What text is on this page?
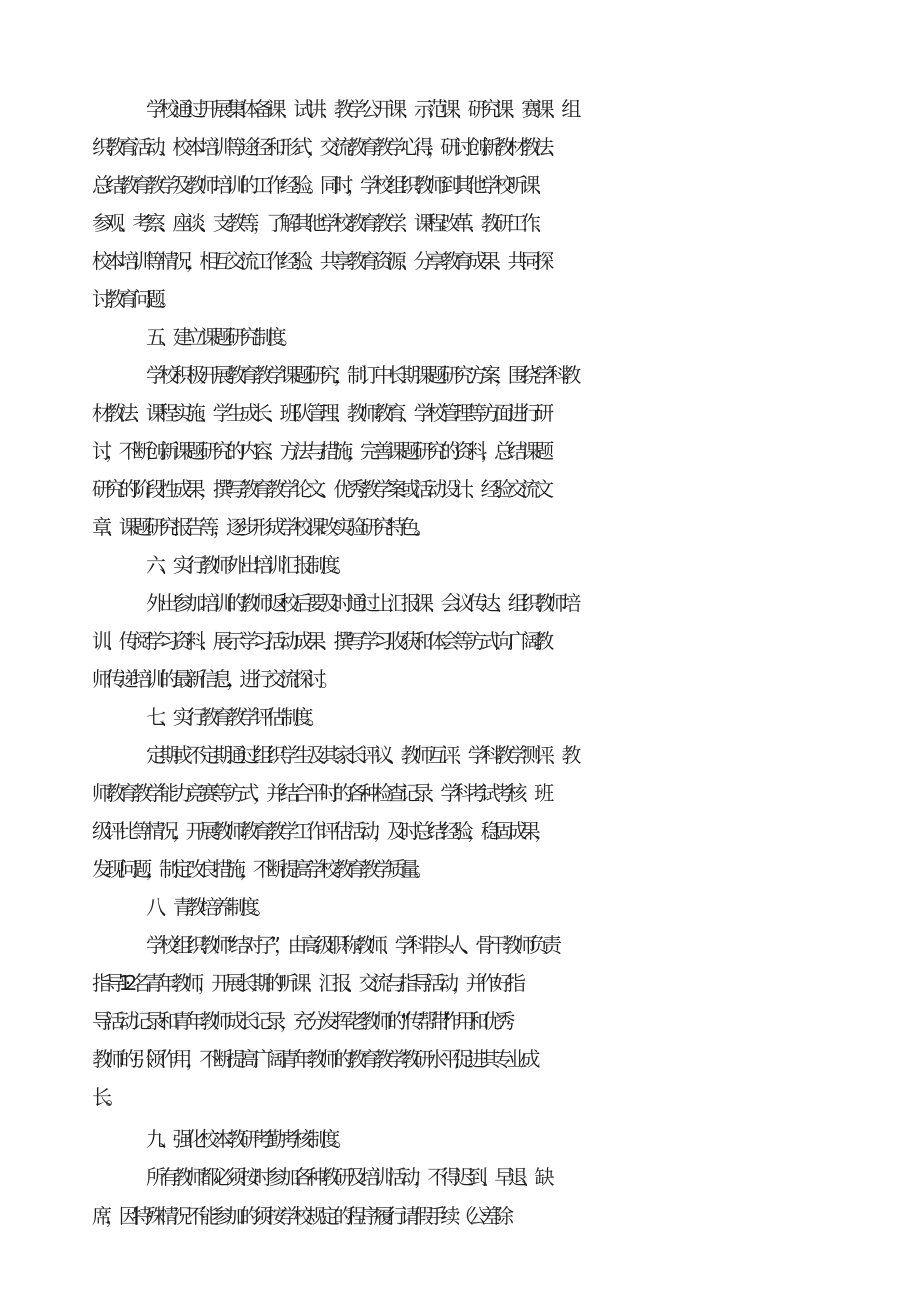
学校通过开展集体备课、试讲、教学公开课、示范课、研究课、赛课、组

织教育活动、校本培训等途径和形式，交流教育教学心得，研讨创新教材教法、

总结教育教学及教师培训的工作经验。同时，学校组织教师到其他学校听课、

参观、考察、座谈、支教等，了解其他学校教育教学、课程改革、教研工作、

校本培训等情况，相互交流工作经验、共享教育资源、分享教育成果、共同探

讨教育问题。

五、建立课题研究制度。

学校积极开展教育教学课题研究，制订中长期课题研究方案，围绕学科教

材教法、课程实施、学生成长、班队管理、教师教育、学校管理等方面进行研

讨，不断创新课题研究的内容、方法与措施，完善课题研究的资料，总结课题

研究的阶段性成果，撰写教育教学论文、优秀教学案或活动设计、经验交流文

章、课题研究报告等，逐步形成学校课改实验研究特色。

六、实行教师外出培训汇报制度。

外出参加培训的教师返校后要及时通过上汇报课、会议传达、组织教师培

训、传阅学习资料、展示学习活动成果、撰写学习收获和体会等方式向广阔教

师传递培训的最新信息，进行交流探讨。

七、实行教育教学评估制度。

定期或不定期通过组织学生及其家长评议、教师互评、学科教学测评、教

师教育教学能力竞赛等方式，并结合平时的各种检查记录、学科考试考核、班

级评比等情况，开展教师教育教学工作评估活动，及时总结经验，稳固成果，

发现问题，制定改良措施，不断提高学校教育教学质量。

八、青教培养制度。

学校组织教师“结对子”，由高级职称教师、学科带头人、骨干教师负责

指导1·2名青年教师，开展长期的听课、汇报、交流与指导活动，并作好指

导活动记录和青年教师成长记录，充分发挥老教师的“传帮带''作用和优秀

教师的引领作用，不断提高广阔青年教师的教育教学教研水平,促进其专业成

长。

九、强化校本教研考勤考核制度。

所有教师都必须按时参加各种教研及培训活动，不得迟到、早退、缺

席，因特殊情况不能参加的须按学校规定的程序履行请假手续（公差除
